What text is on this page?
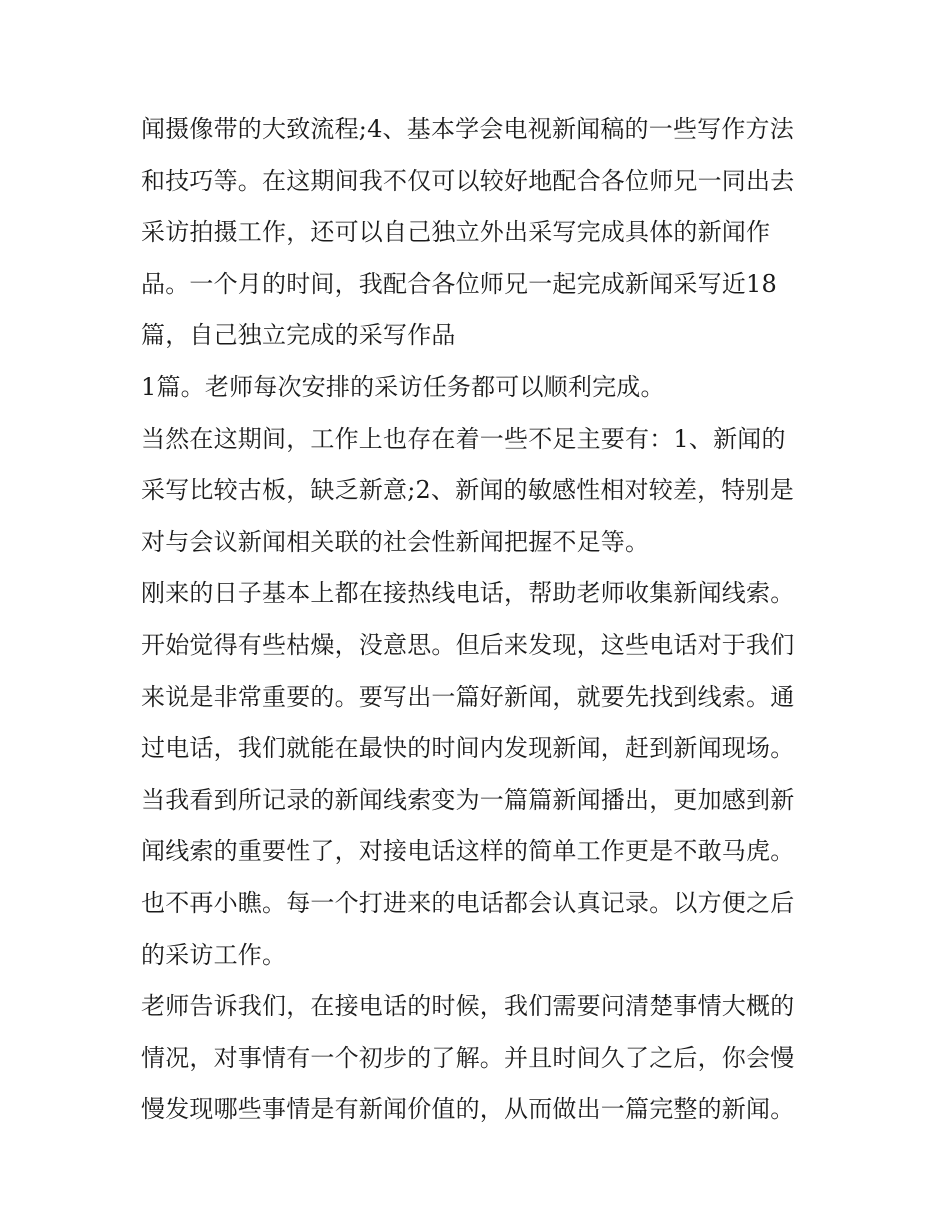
闻摄像带的大致流程;4、基本学会电视新闻稿的一些写作方法
和技巧等。在这期间我不仅可以较好地配合各位师兄一同出去
采访拍摄工作，还可以自己独立外出采写完成具体的新闻作
品。一个月的时间，我配合各位师兄一起完成新闻采写近18
篇，自己独立完成的采写作品
1篇。老师每次安排的采访任务都可以顺利完成。
当然在这期间，工作上也存在着一些不足主要有：1、新闻的
采写比较古板，缺乏新意;2、新闻的敏感性相对较差，特别是
对与会议新闻相关联的社会性新闻把握不足等。
刚来的日子基本上都在接热线电话，帮助老师收集新闻线索。
开始觉得有些枯燥，没意思。但后来发现，这些电话对于我们
来说是非常重要的。要写出一篇好新闻，就要先找到线索。通
过电话，我们就能在最快的时间内发现新闻，赶到新闻现场。
当我看到所记录的新闻线索变为一篇篇新闻播出，更加感到新
闻线索的重要性了，对接电话这样的简单工作更是不敢马虎。
也不再小瞧。每一个打进来的电话都会认真记录。以方便之后
的采访工作。
老师告诉我们，在接电话的时候，我们需要问清楚事情大概的
情况，对事情有一个初步的了解。并且时间久了之后，你会慢
慢发现哪些事情是有新闻价值的，从而做出一篇完整的新闻。
